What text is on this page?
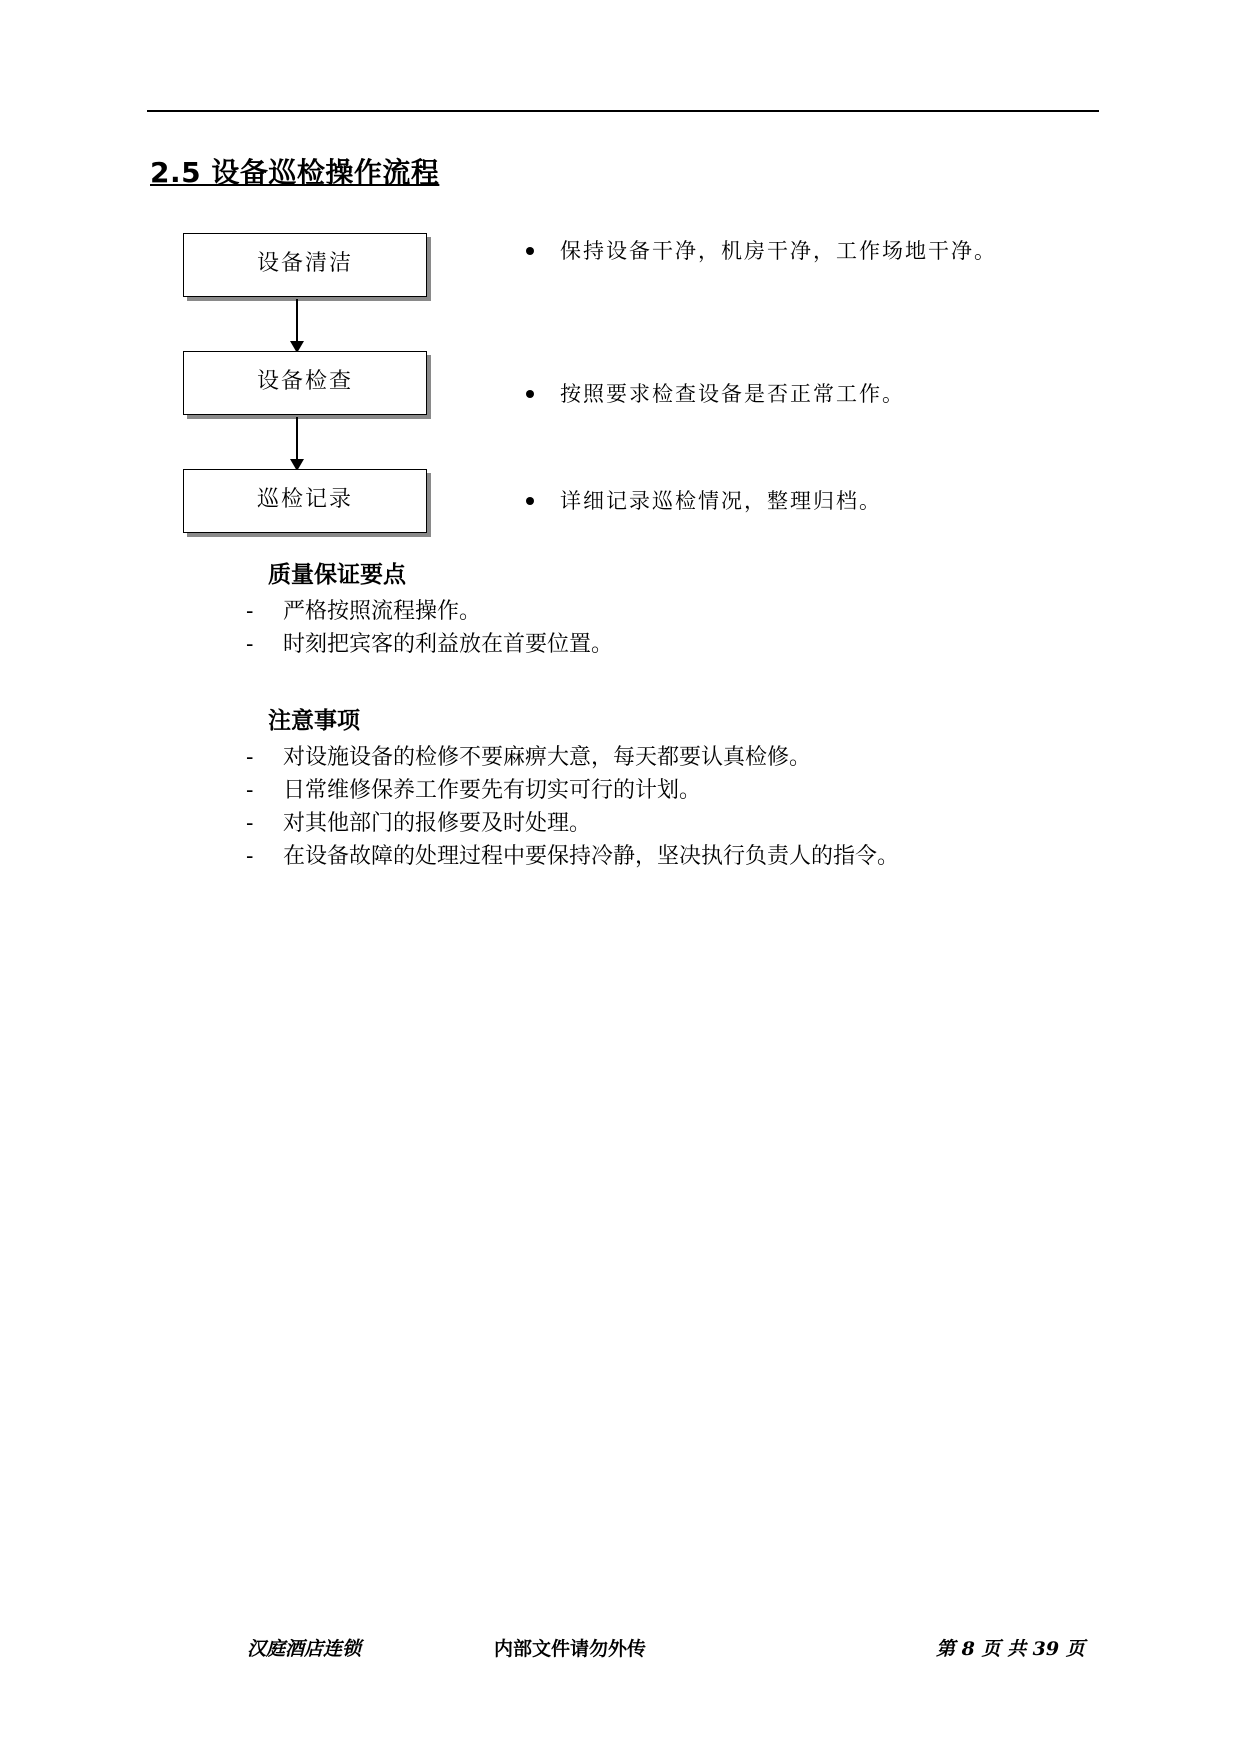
2.5 设备巡检操作流程
设备清洁
设备检查
巡检记录
保持设备干净，机房干净，工作场地干净。
按照要求检查设备是否正常工作。
详细记录巡检情况，整理归档。
质量保证要点
- 严格按照流程操作。
- 时刻把宾客的利益放在首要位置。
注意事项
- 对设施设备的检修不要麻痹大意，每天都要认真检修。
- 日常维修保养工作要先有切实可行的计划。
- 对其他部门的报修要及时处理。
- 在设备故障的处理过程中要保持冷静，坚决执行负责人的指令。
汉庭酒店连锁	内部文件请勿外传	第 8 页 共 39 页
